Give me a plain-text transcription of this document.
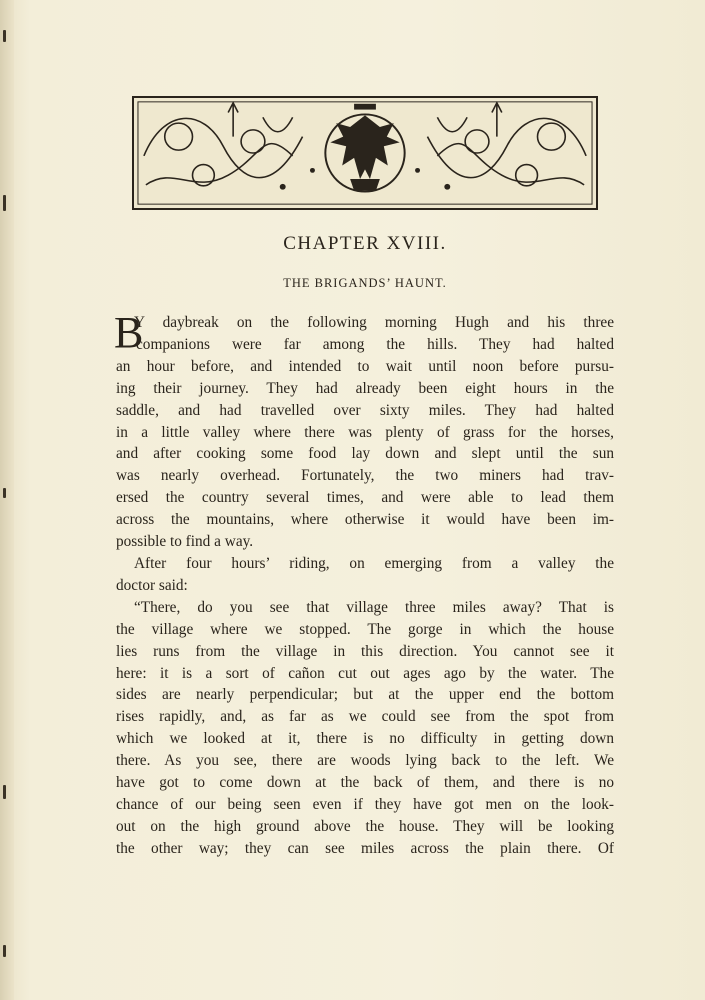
CHAPTER XVIII.
THE BRIGANDS’ HAUNT.
B
Y daybreak on the following morning Hugh and his three
companions were far among the hills. They had halted
an hour before, and intended to wait until noon before pursu-
ing their journey. They had already been eight hours in the
saddle, and had travelled over sixty miles. They had halted
in a little valley where there was plenty of grass for the horses,
and after cooking some food lay down and slept until the sun
was nearly overhead. Fortunately, the two miners had trav-
ersed the country several times, and were able to lead them
across the mountains, where otherwise it would have been im-
possible to find a way.
After four hours’ riding, on emerging from a valley the
doctor said:
“There, do you see that village three miles away? That is
the village where we stopped. The gorge in which the house
lies runs from the village in this direction. You cannot see it
here: it is a sort of cañon cut out ages ago by the water. The
sides are nearly perpendicular; but at the upper end the bottom
rises rapidly, and, as far as we could see from the spot from
which we looked at it, there is no difficulty in getting down
there. As you see, there are woods lying back to the left. We
have got to come down at the back of them, and there is no
chance of our being seen even if they have got men on the look-
out on the high ground above the house. They will be looking
the other way; they can see miles across the plain there. Of
